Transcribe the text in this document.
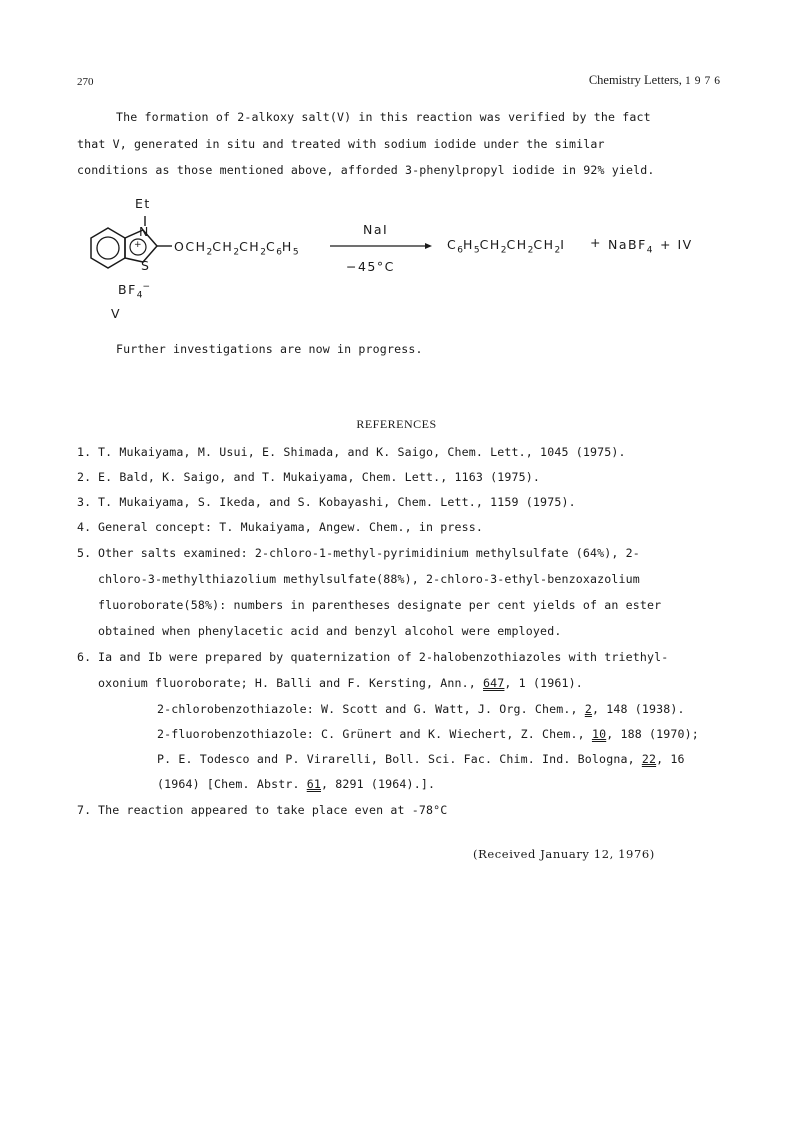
270	Chemistry Letters, 1976
The formation of 2-alkoxy salt(V) in this reaction was verified by the fact
that V, generated in situ and treated with sodium iodide under the similar
conditions as those mentioned above, afforded 3-phenylpropyl iodide in 92% yield.
Et
N
+
S
$OCH_2CH_2CH_2C_6H_5$
$BF_4^-$
V
NaI
−45°C
$C_6H_5CH_2CH_2CH_2I$ + NaBF$_4$ + IV
Further investigations are now in progress.
REFERENCES
1. T. Mukaiyama, M. Usui, E. Shimada, and K. Saigo, Chem. Lett., 1045 (1975).
2. E. Bald, K. Saigo, and T. Mukaiyama, Chem. Lett., 1163 (1975).
3. T. Mukaiyama, S. Ikeda, and S. Kobayashi, Chem. Lett., 1159 (1975).
4. General concept: T. Mukaiyama, Angew. Chem., in press.
5. Other salts examined: 2-chloro-1-methyl-pyrimidinium methylsulfate (64%), 2-
chloro-3-methylthiazolium methylsulfate(88%), 2-chloro-3-ethyl-benzoxazolium
fluoroborate(58%): numbers in parentheses designate per cent yields of an ester
obtained when phenylacetic acid and benzyl alcohol were employed.
6. Ia and Ib were prepared by quaternization of 2-halobenzothiazoles with triethyl-
oxonium fluoroborate; H. Balli and F. Kersting, Ann., 647, 1 (1961).
2-chlorobenzothiazole: W. Scott and G. Watt, J. Org. Chem., 2, 148 (1938).
2-fluorobenzothiazole: C. Grünert and K. Wiechert, Z. Chem., 10, 188 (1970);
P. E. Todesco and P. Virarelli, Boll. Sci. Fac. Chim. Ind. Bologna, 22, 16
(1964) [Chem. Abstr. 61, 8291 (1964).].
7. The reaction appeared to take place even at -78°C
(Received January 12, 1976)
